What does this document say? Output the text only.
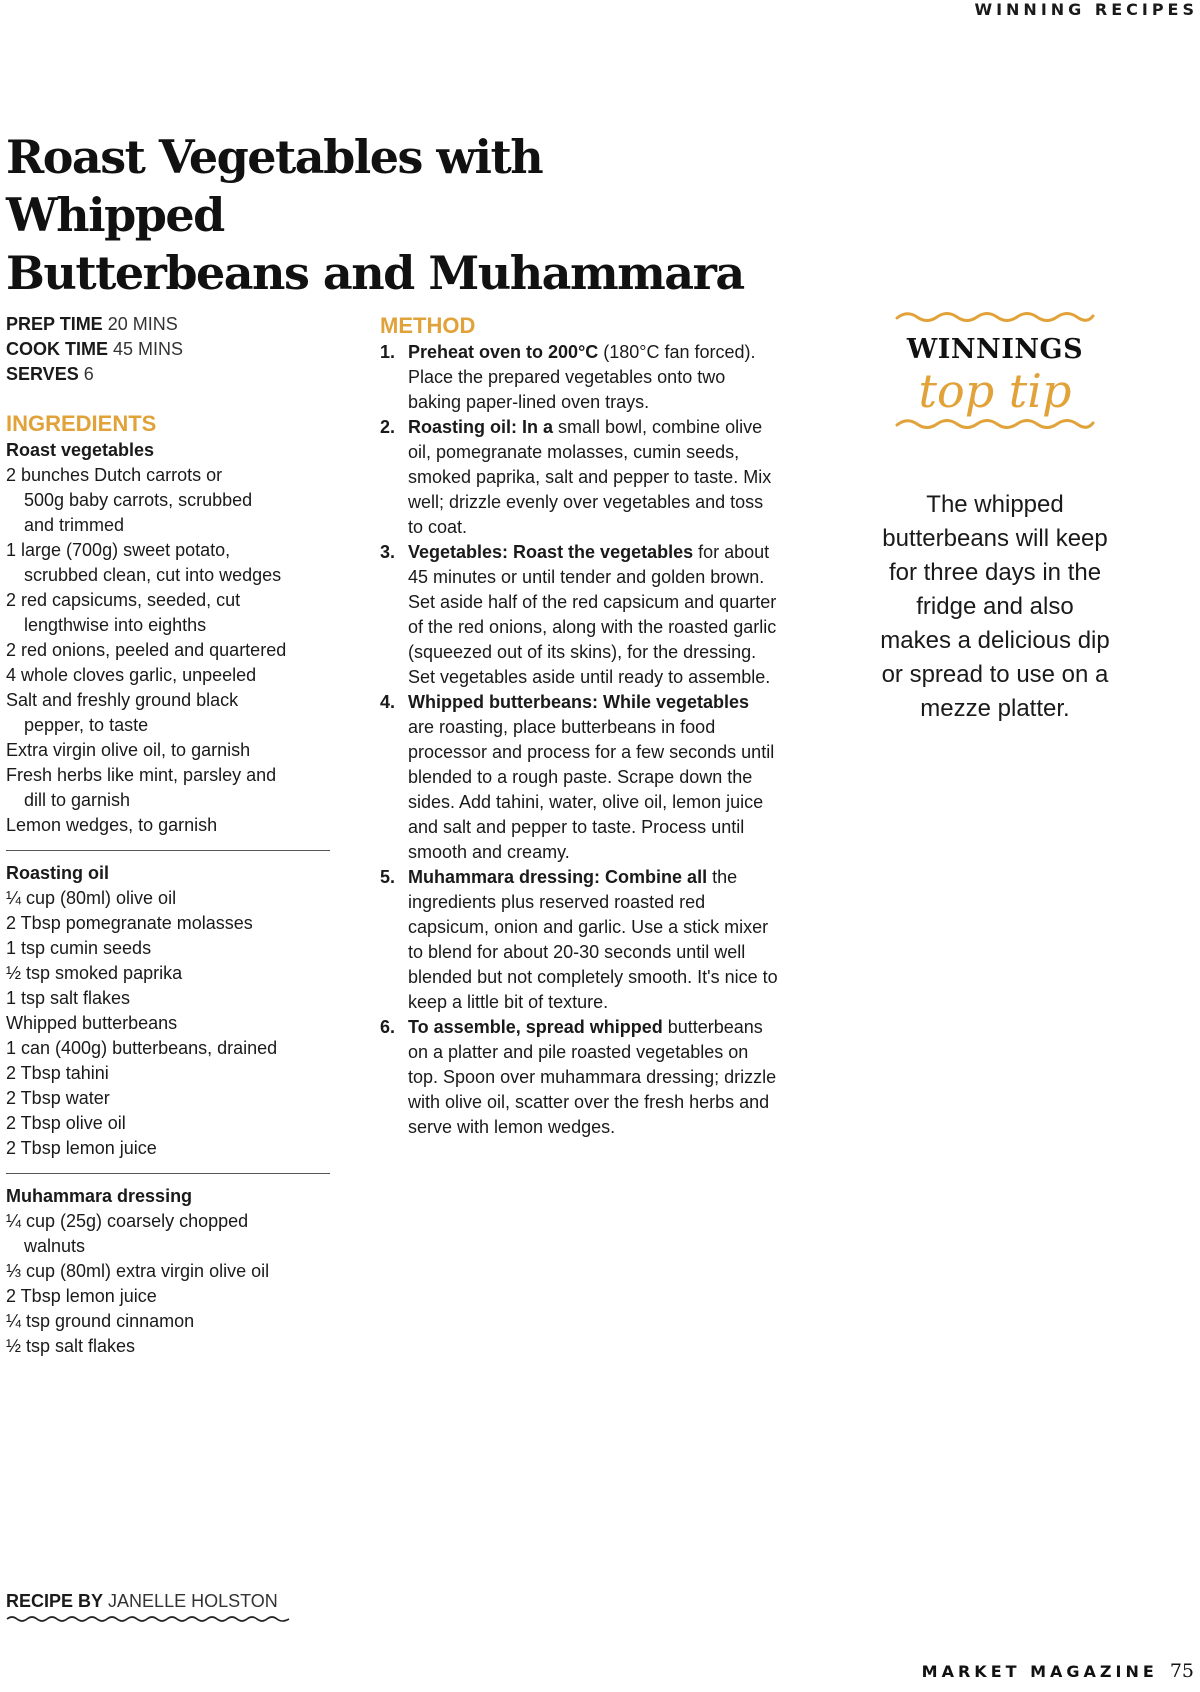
WINNING RECIPES
Roast Vegetables with Whipped
Butterbeans and Muhammara
PREP TIME 20 MINS
COOK TIME 45 MINS
SERVES 6
INGREDIENTS
Roast vegetables
2 bunches Dutch carrots or
500g baby carrots, scrubbed
and trimmed
1 large (700g) sweet potato,
scrubbed clean, cut into wedges
2 red capsicums, seeded, cut
lengthwise into eighths
2 red onions, peeled and quartered
4 whole cloves garlic, unpeeled
Salt and freshly ground black
pepper, to taste
Extra virgin olive oil, to garnish
Fresh herbs like mint, parsley and
dill to garnish
Lemon wedges, to garnish
Roasting oil
¼ cup (80ml) olive oil
2 Tbsp pomegranate molasses
1 tsp cumin seeds
½ tsp smoked paprika
1 tsp salt flakes
Whipped butterbeans
1 can (400g) butterbeans, drained
2 Tbsp tahini
2 Tbsp water
2 Tbsp olive oil
2 Tbsp lemon juice
Muhammara dressing
¼ cup (25g) coarsely chopped
walnuts
⅓ cup (80ml) extra virgin olive oil
2 Tbsp lemon juice
¼ tsp ground cinnamon
½ tsp salt flakes
METHOD
1. Preheat oven to 200°C (180°C fan forced). Place the prepared vegetables onto two baking paper-lined oven trays.
2. Roasting oil: In a small bowl, combine olive oil, pomegranate molasses, cumin seeds, smoked paprika, salt and pepper to taste. Mix well; drizzle evenly over vegetables and toss to coat.
3. Vegetables: Roast the vegetables for about 45 minutes or until tender and golden brown. Set aside half of the red capsicum and quarter of the red onions, along with the roasted garlic (squeezed out of its skins), for the dressing. Set vegetables aside until ready to assemble.
4. Whipped butterbeans: While vegetables are roasting, place butterbeans in food processor and process for a few seconds until blended to a rough paste. Scrape down the sides. Add tahini, water, olive oil, lemon juice and salt and pepper to taste. Process until smooth and creamy.
5. Muhammara dressing: Combine all the ingredients plus reserved roasted red capsicum, onion and garlic. Use a stick mixer to blend for about 20-30 seconds until well blended but not completely smooth. It's nice to keep a little bit of texture.
6. To assemble, spread whipped butterbeans on a platter and pile roasted vegetables on top. Spoon over muhammara dressing; drizzle with olive oil, scatter over the fresh herbs and serve with lemon wedges.
WINNINGS
top tip
The whipped butterbeans will keep for three days in the fridge and also makes a delicious dip or spread to use on a mezze platter.
RECIPE BY JANELLE HOLSTON
MARKET MAGAZINE 75
